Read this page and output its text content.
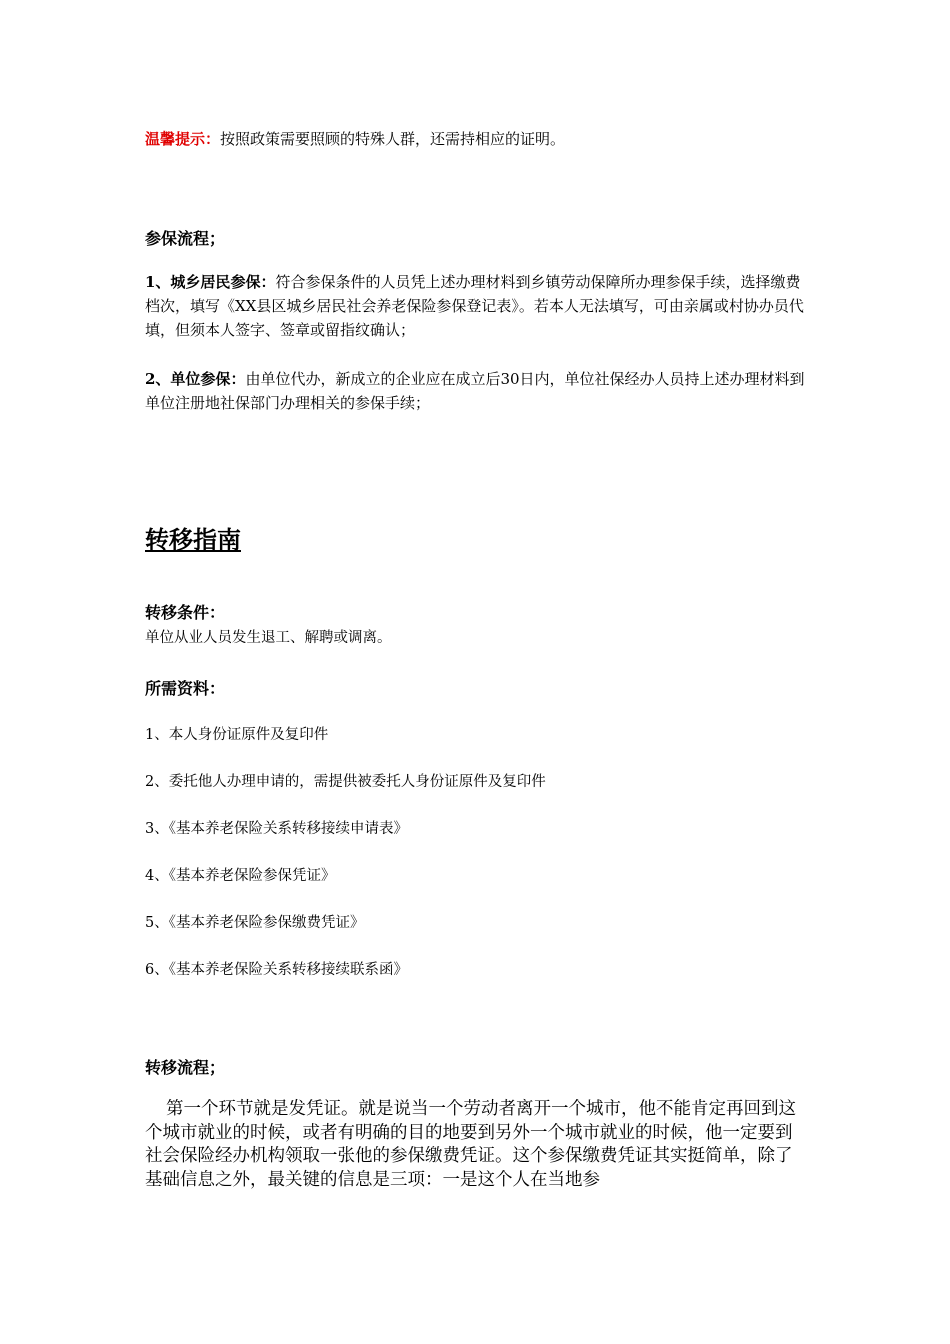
温馨提示：按照政策需要照顾的特殊人群，还需持相应的证明。
参保流程；
1、城乡居民参保：符合参保条件的人员凭上述办理材料到乡镇劳动保障所办理参保手续，选择缴费档次，填写《XX县区城乡居民社会养老保险参保登记表》。若本人无法填写，可由亲属或村协办员代填，但须本人签字、签章或留指纹确认；
2、单位参保：由单位代办，新成立的企业应在成立后30日内，单位社保经办人员持上述办理材料到单位注册地社保部门办理相关的参保手续；
转移指南
转移条件：
单位从业人员发生退工、解聘或调离。
所需资料：
1、本人身份证原件及复印件
2、委托他人办理申请的，需提供被委托人身份证原件及复印件
3、《基本养老保险关系转移接续申请表》
4、《基本养老保险参保凭证》
5、《基本养老保险参保缴费凭证》
6、《基本养老保险关系转移接续联系函》
转移流程；
第一个环节就是发凭证。就是说当一个劳动者离开一个城市，他不能肯定再回到这个城市就业的时候，或者有明确的目的地要到另外一个城市就业的时候，他一定要到社会保险经办机构领取一张他的参保缴费凭证。这个参保缴费凭证其实挺简单，除了基础信息之外，最关键的信息是三项：一是这个人在当地参
